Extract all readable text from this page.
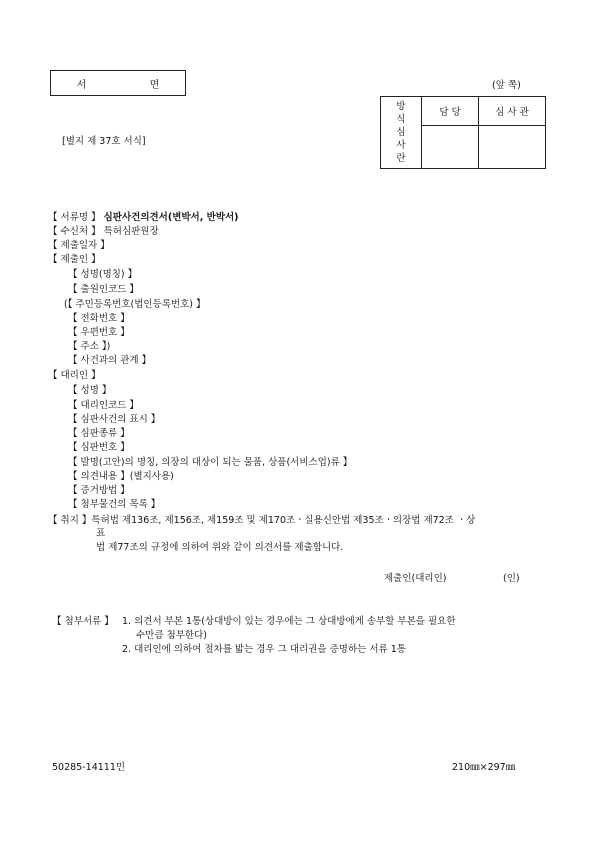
서 면	(앞 쪽)
[별지 제 37호 서식]
방
식
심
사
란	담 당	심 사 관

【 서류명 】 심판사건의견서(변박서, 반박서)
【 수신처 】 특허심판원장
【 제출일자 】
【 제출인 】
【 성명(명칭) 】
【 출원인코드 】
(【 주민등록번호(법인등록번호) 】
【 전화번호 】
【 우편번호 】
【 주소 】)
【 사건과의 관계 】
【 대리인 】
【 성명 】
【 대리인코드 】
【 심판사건의 표시 】
【 심판종류 】
【 심판번호 】
【 발명(고안)의 명칭, 의장의 대상이 되는 물품, 상품(서비스업)류 】
【 의견내용 】(별지사용)
【 증거방법 】
【 첨부물건의 목록 】
【 취지 】특허법 제136조, 제156조, 제159조 및 제170조ㆍ실용신안법 제35조ㆍ의장법 제72조 ㆍ상
표
법 제77조의 규정에 의하여 위와 같이 의견서를 제출합니다.
제출인(대리인)	(인)
【 첨부서류 】 1. 의견서 부본 1통(상대방이 있는 경우에는 그 상대방에게 송부할 부본을 필요한
수만큼 첨부한다)
2. 대리인에 의하여 절차를 밟는 경우 그 대리권을 증명하는 서류 1통
50285-14111민	210㎜×297㎜
